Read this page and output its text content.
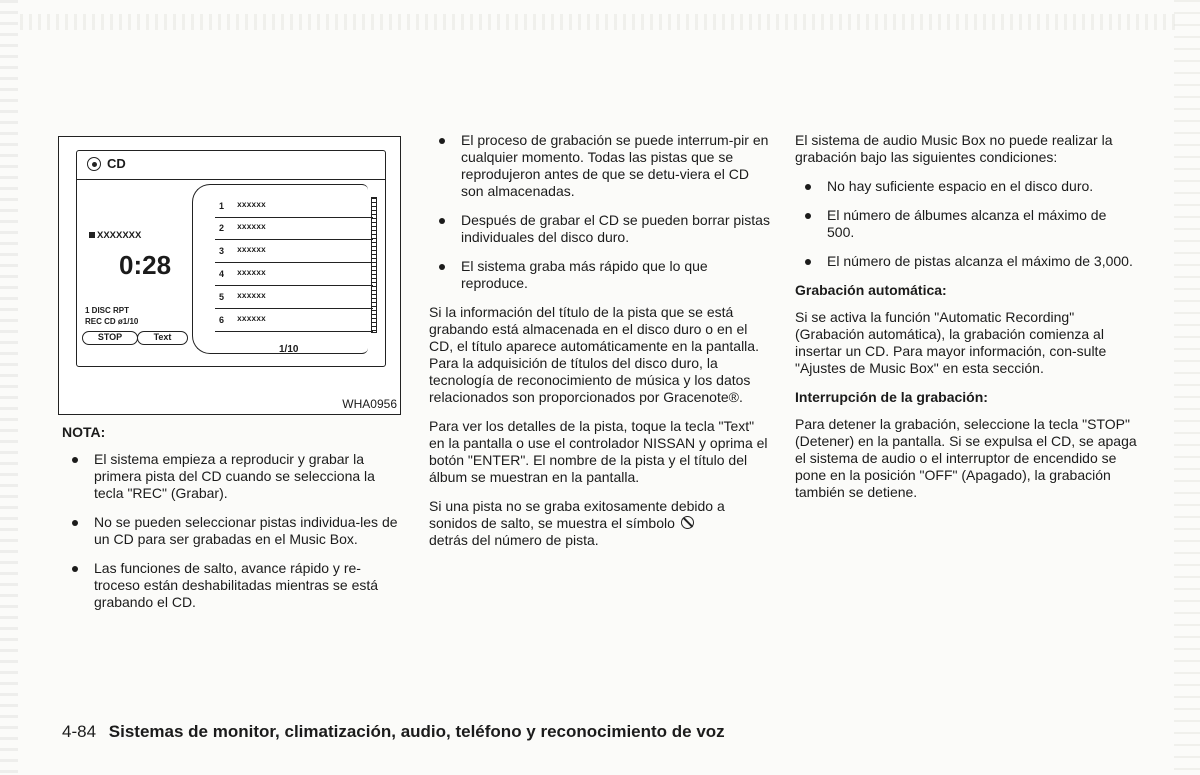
CD
XXXXXXX
0:28
1 DISC RPT
REC CD ø1/10
STOP	Text
1 xxxxxx
2 xxxxxx
3 xxxxxx
4 xxxxxx
5 xxxxxx
6 xxxxxx
1/10
WHA0956
NOTA:
El sistema empieza a reproducir y grabar la primera pista del CD cuando se selecciona la tecla "REC" (Grabar).
No se pueden seleccionar pistas individua-les de un CD para ser grabadas en el Music Box.
Las funciones de salto, avance rápido y re-troceso están deshabilitadas mientras se está grabando el CD.
El proceso de grabación se puede interrum-pir en cualquier momento. Todas las pistas que se reprodujeron antes de que se detu-viera el CD son almacenadas.
Después de grabar el CD se pueden borrar pistas individuales del disco duro.
El sistema graba más rápido que lo que reproduce.
Si la información del título de la pista que se está grabando está almacenada en el disco duro o en el CD, el título aparece automáticamente en la pantalla. Para la adquisición de títulos del disco duro, la tecnología de reconocimiento de música y los datos relacionados son proporcionados por Gracenote®.
Para ver los detalles de la pista, toque la tecla "Text" en la pantalla o use el controlador NISSAN y oprima el botón "ENTER". El nombre de la pista y el título del álbum se muestran en la pantalla.
Si una pista no se graba exitosamente debido a sonidos de salto, se muestra el símbolo
detrás del número de pista.
El sistema de audio Music Box no puede realizar la grabación bajo las siguientes condiciones:
No hay suficiente espacio en el disco duro.
El número de álbumes alcanza el máximo de 500.
El número de pistas alcanza el máximo de 3,000.
Grabación automática:
Si se activa la función "Automatic Recording" (Grabación automática), la grabación comienza al insertar un CD. Para mayor información, con-sulte "Ajustes de Music Box" en esta sección.
Interrupción de la grabación:
Para detener la grabación, seleccione la tecla "STOP" (Detener) en la pantalla. Si se expulsa el CD, se apaga el sistema de audio o el interruptor de encendido se pone en la posición "OFF" (Apagado), la grabación también se detiene.
4-84 Sistemas de monitor, climatización, audio, teléfono y reconocimiento de voz
